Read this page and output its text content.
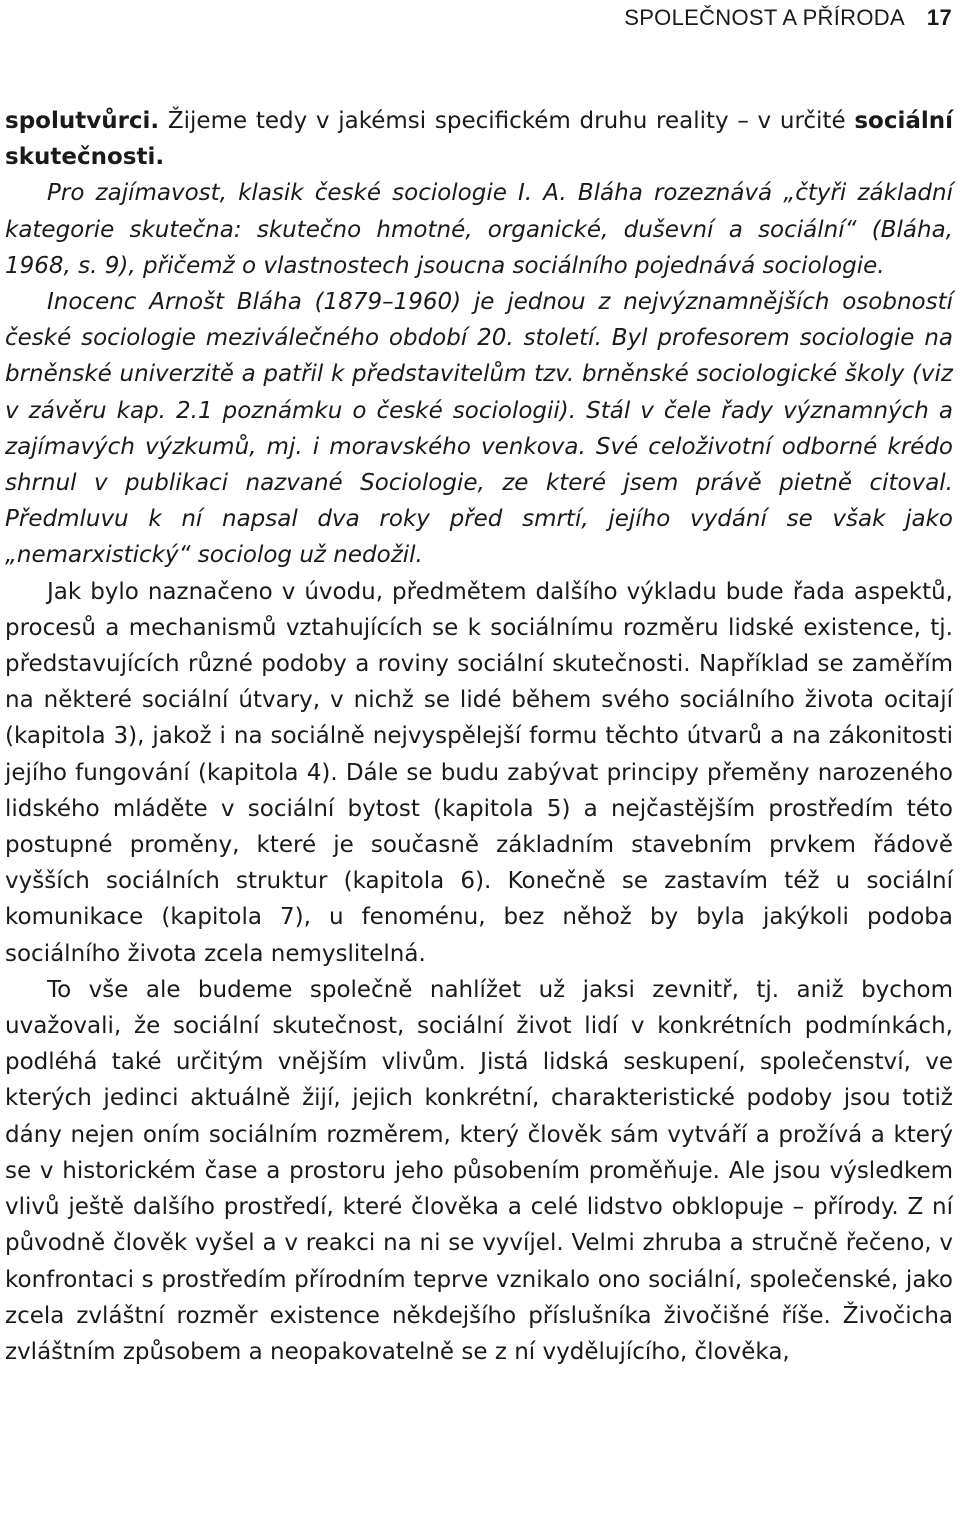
SPOLEČNOST A PŘÍRODA 17

spolutvůrci. Žijeme tedy v jakémsi specifickém druhu reality – v určité sociální skutečnosti.

Pro zajímavost, klasik české sociologie I. A. Bláha rozeznává „čtyři základní kategorie skutečna: skutečno hmotné, organické, duševní a sociální“ (Bláha, 1968, s. 9), přičemž o vlastnostech jsoucna sociálního pojednává sociologie.

Inocenc Arnošt Bláha (1879–1960) je jednou z nejvýznamnějších osobností české sociologie meziválečného období 20. století. Byl profesorem sociologie na brněnské univerzitě a patřil k představitelům tzv. brněnské sociologické školy (viz v závěru kap. 2.1 poznámku o české sociologii). Stál v čele řady významných a zajímavých výzkumů, mj. i moravského venkova. Své celoživotní odborné krédo shrnul v publikaci nazvané Sociologie, ze které jsem právě pietně citoval. Předmluvu k ní napsal dva roky před smrtí, jejího vydání se však jako „nemarxistický“ sociolog už nedožil.

Jak bylo naznačeno v úvodu, předmětem dalšího výkladu bude řada aspektů, procesů a mechanismů vztahujících se k sociálnímu rozměru lidské existence, tj. představujících různé podoby a roviny sociální skutečnosti. Například se zaměřím na některé sociální útvary, v nichž se lidé během svého sociálního života ocitají (kapitola 3), jakož i na sociálně nejvyspělejší formu těchto útvarů a na zákonitosti jejího fungování (kapitola 4). Dále se budu zabývat principy přeměny narozeného lidského mláděte v sociální bytost (kapitola 5) a nejčastějším prostředím této postupné proměny, které je současně základním stavebním prvkem řádově vyšších sociálních struktur (kapitola 6). Konečně se zastavím též u sociální komunikace (kapitola 7), u fenoménu, bez něhož by byla jakýkoli podoba sociálního života zcela nemyslitelná.

To vše ale budeme společně nahlížet už jaksi zevnitř, tj. aniž bychom uvažovali, že sociální skutečnost, sociální život lidí v konkrétních podmínkách, podléhá také určitým vnějším vlivům. Jistá lidská seskupení, společenství, ve kterých jedinci aktuálně žijí, jejich konkrétní, charakteristické podoby jsou totiž dány nejen oním sociálním rozměrem, který člověk sám vytváří a prožívá a který se v historickém čase a prostoru jeho působením proměňuje. Ale jsou výsledkem vlivů ještě dalšího prostředí, které člověka a celé lidstvo obklopuje – přírody. Z ní původně člověk vyšel a v reakci na ni se vyvíjel. Velmi zhruba a stručně řečeno, v konfrontaci s prostředím přírodním teprve vznikalo ono sociální, společenské, jako zcela zvláštní rozměr existence někdejšího příslušníka živočišné říše. Živočicha zvláštním způsobem a neopakovatelně se z ní vydělujícího, člověka,
